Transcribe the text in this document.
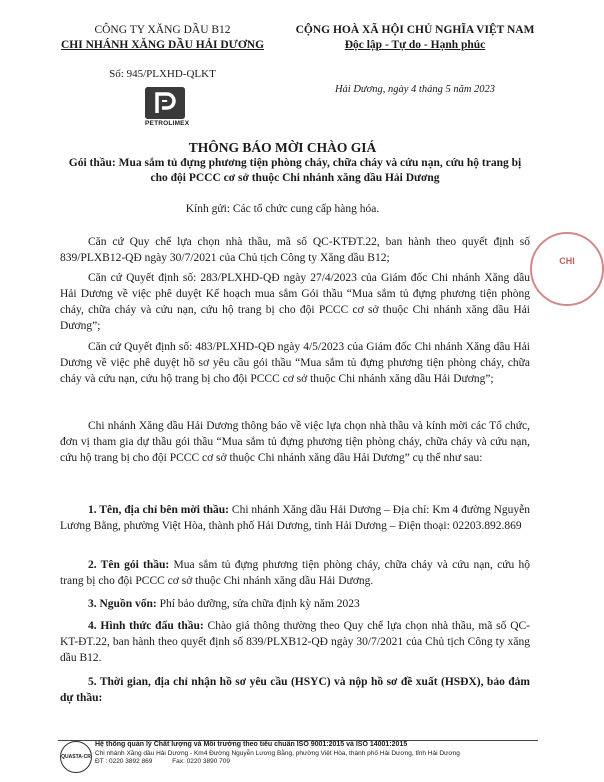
CÔNG TY XĂNG DẦU B12
CHI NHÁNH XĂNG DẦU HẢI DƯƠNG
Số: 945/PLXHD-QLKT
CỘNG HOÀ XÃ HỘI CHỦ NGHĨA VIỆT NAM
Độc lập - Tự do - Hạnh phúc
Hải Dương, ngày 4 tháng 5 năm 2023
PETROLIMEX
THÔNG BÁO MỜI CHÀO GIÁ
Gói thầu: Mua sắm tủ đựng phương tiện phòng cháy, chữa cháy và cứu nạn, cứu hộ trang bị cho đội PCCC cơ sở thuộc Chi nhánh xăng dầu Hải Dương
Kính gửi: Các tổ chức cung cấp hàng hóa.

Căn cứ Quy chế lựa chọn nhà thầu, mã số QC-KTĐT.22, ban hành theo quyết định số 839/PLXB12-QĐ ngày 30/7/2021 của Chủ tịch Công ty Xăng dầu B12;

Căn cứ Quyết định số: 283/PLXHD-QĐ ngày 27/4/2023 của Giám đốc Chi nhánh Xăng dầu Hải Dương về việc phê duyệt Kế hoạch mua sắm Gói thầu “Mua sắm tủ đựng phương tiện phòng cháy, chữa cháy và cứu nạn, cứu hộ trang bị cho đội PCCC cơ sở thuộc Chi nhánh xăng dầu Hải Dương”;

Căn cứ Quyết định số: 483/PLXHD-QĐ ngày 4/5/2023 của Giám đốc Chi nhánh Xăng dầu Hải Dương về việc phê duyệt hồ sơ yêu cầu gói thầu “Mua sắm tủ đựng phương tiện phòng cháy, chữa cháy và cứu nạn, cứu hộ trang bị cho đội PCCC cơ sở thuộc Chi nhánh xăng dầu Hải Dương”;

Chi nhánh Xăng dầu Hải Dương thông báo về việc lựa chọn nhà thầu và kính mời các Tổ chức, đơn vị tham gia dự thầu gói thầu “Mua sắm tủ đựng phương tiện phòng cháy, chữa cháy và cứu nạn, cứu hộ trang bị cho đội PCCC cơ sở thuộc Chi nhánh xăng dầu Hải Dương” cụ thể như sau:

1. Tên, địa chỉ bên mời thầu: Chi nhánh Xăng dầu Hải Dương – Địa chỉ: Km 4 đường Nguyễn Lương Bằng, phường Việt Hòa, thành phố Hải Dương, tỉnh Hải Dương – Điện thoại: 02203.892.869

2. Tên gói thầu: Mua sắm tủ đựng phương tiện phòng cháy, chữa cháy và cứu nạn, cứu hộ trang bị cho đội PCCC cơ sở thuộc Chi nhánh xăng dầu Hải Dương.

3. Nguồn vốn: Phí bảo dưỡng, sửa chữa định kỳ năm 2023

4. Hình thức đấu thầu: Chào giá thông thường theo Quy chế lựa chọn nhà thầu, mã số QC-KT-ĐT.22, ban hành theo quyết định số 839/PLXB12-QĐ ngày 30/7/2021 của Chủ tịch Công ty xăng dầu B12.

5. Thời gian, địa chỉ nhận hồ sơ yêu cầu (HSYC) và nộp hồ sơ đề xuất (HSĐX), bảo đảm dự thầu:

CHI
QUASTA-CR
Hệ thống quản lý Chất lượng và Môi trường theo tiêu chuẩn ISO 9001:2015 và ISO 14001:2015
Chi nhánh Xăng dầu Hải Dương - Km4 Đường Nguyễn Lương Bằng, phường Việt Hòa, thành phố Hải Dương, tỉnh Hải Dương
ĐT : 0220 3892 869	Fax: 0220 3890 709
